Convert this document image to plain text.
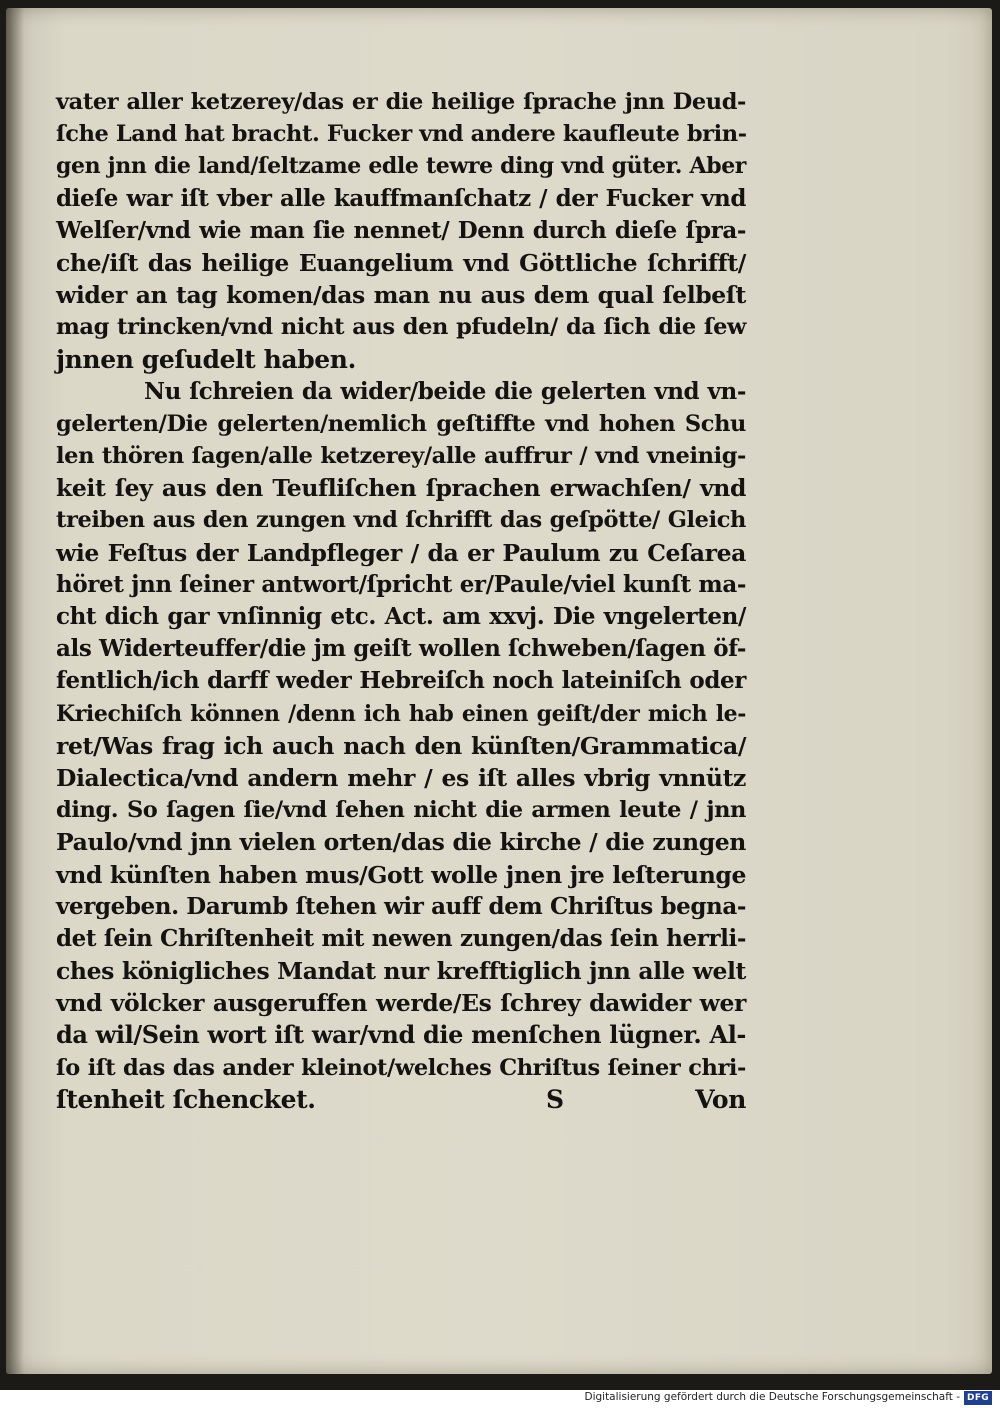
vater aller ketzerey/das er die heilige ſprache jnn Deud-
ſche Land hat bracht. Fucker vnd andere kaufleute brin-
gen jnn die land/ſeltzame edle tewre ding vnd güter. Aber
dieſe war iſt vber alle kauffmanſchatz / der Fucker vnd
Welſer/vnd wie man ſie nennet/ Denn durch dieſe ſpra-
che/iſt das heilige Euangelium vnd Göttliche ſchrifft/
wider an tag komen/das man nu aus dem qual ſelbeſt
mag trincken/vnd nicht aus den pfudeln/ da ſich die ſew
jnnen geſudelt haben.
Nu ſchreien da wider/beide die gelerten vnd vn-
gelerten/Die gelerten/nemlich geſtiffte vnd hohen Schu
len thören ſagen/alle ketzerey/alle auffrur / vnd vneinig-
keit ſey aus den Teufliſchen ſprachen erwachſen/ vnd
treiben aus den zungen vnd ſchrifft das geſpötte/ Gleich
wie Feſtus der Landpfleger / da er Paulum zu Ceſarea
höret jnn ſeiner antwort/ſpricht er/Paule/viel kunſt ma-
cht dich gar vnſinnig etc. Act. am xxvj. Die vngelerten/
als Widerteuffer/die jm geiſt wollen ſchweben/ſagen öf-
fentlich/ich darff weder Hebreiſch noch lateiniſch oder
Kriechiſch können /denn ich hab einen geiſt/der mich le-
ret/Was frag ich auch nach den künſten/Grammatica/
Dialectica/vnd andern mehr / es iſt alles vbrig vnnütz
ding. So ſagen ſie/vnd ſehen nicht die armen leute / jnn
Paulo/vnd jnn vielen orten/das die kirche / die zungen
vnd künſten haben mus/Gott wolle jnen jre leſterunge
vergeben. Darumb ſtehen wir auff dem Chriſtus begna-
det ſein Chriſtenheit mit newen zungen/das ſein herrli-
ches königliches Mandat nur krefftiglich jnn alle welt
vnd völcker ausgeruffen werde/Es ſchrey dawider wer
da wil/Sein wort iſt war/vnd die menſchen lügner. Al-
ſo iſt das das ander kleinot/welches Chriſtus ſeiner chri-
ſtenheit ſchencket.	S	Von
Digitalisierung gefördert durch die Deutsche Forschungsgemeinschaft - DFG
